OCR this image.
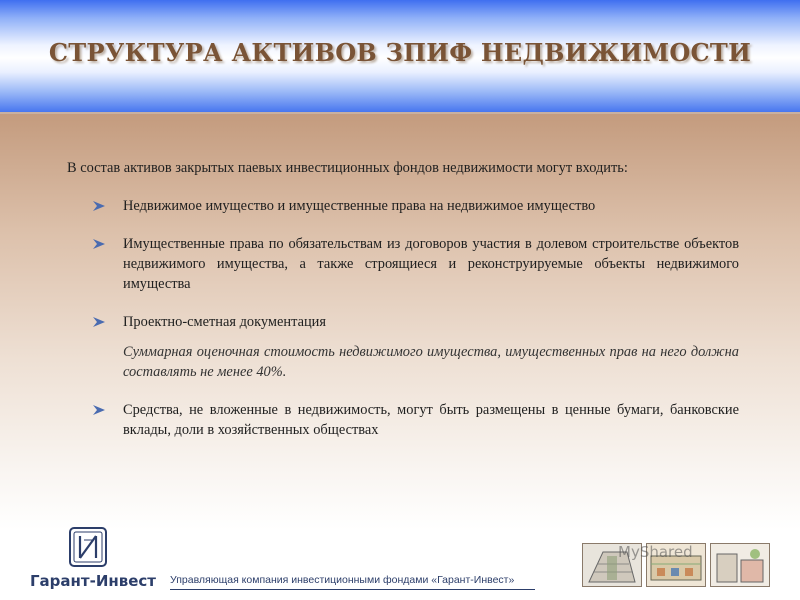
СТРУКТУРА АКТИВОВ ЗПИФ НЕДВИЖИМОСТИ

В состав активов закрытых паевых инвестиционных фондов недвижимости могут входить:

Недвижимое имущество и имущественные права на недвижимое имущество
Имущественные права по обязательствам из договоров участия в долевом строительстве объектов недвижимого имущества, а также строящиеся и реконструируемые объекты недвижимого имущества
Проектно-сметная документация
Суммарная оценочная стоимость недвижимого имущества, имущественных прав на него должна составлять не менее 40%.
Средства, не вложенные в недвижимость, могут быть размещены в ценные бумаги, банковские вклады, доли в хозяйственных обществах
Гарант-Инвест	Управляющая компания инвестиционными фондами «Гарант-Инвест»
MyShared
